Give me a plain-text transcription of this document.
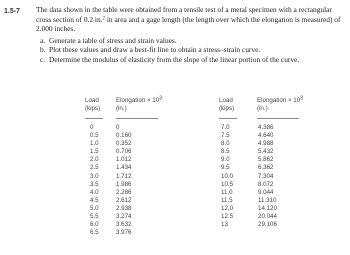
1.5-7 The data shown in the table were obtained from a tensile test of a metal specimen with a rectangular cross section of 0.2 in.$^2$ in area and a gage length (the length over which the elongation is measured) of 2.000 inches.

a. Generate a table of stress and strain values.

b. Plot these values and draw a best-fit line to obtain a stress–strain curve.

c. Determine the modulus of elasticity from the slope of the linear portion of the curve.

Load
(kips)
Elongation × $10^3$
(in.)
0
0.5
1.0
1.5
2.0
2.5
3.0
3.5
4.0
4.5
5.0
5.5
6.0
6.5
0
0.160
0.352
0.706
1.012
1.434
1.712
1.986
2.286
2.612
2.938
3.274
3.632
3.976
Load
(kips)
Elongation × $10^3$
(in.)
7.0
7.5
8.0
8.5
9.0
9.5
10.0
10.5
11.0
11.5
12.0
12.5
13
4.386
4.640
4.988
5.432
5.862
6.362
7.304
8.072
9.044
11.310
14.120
20.044
29.106
